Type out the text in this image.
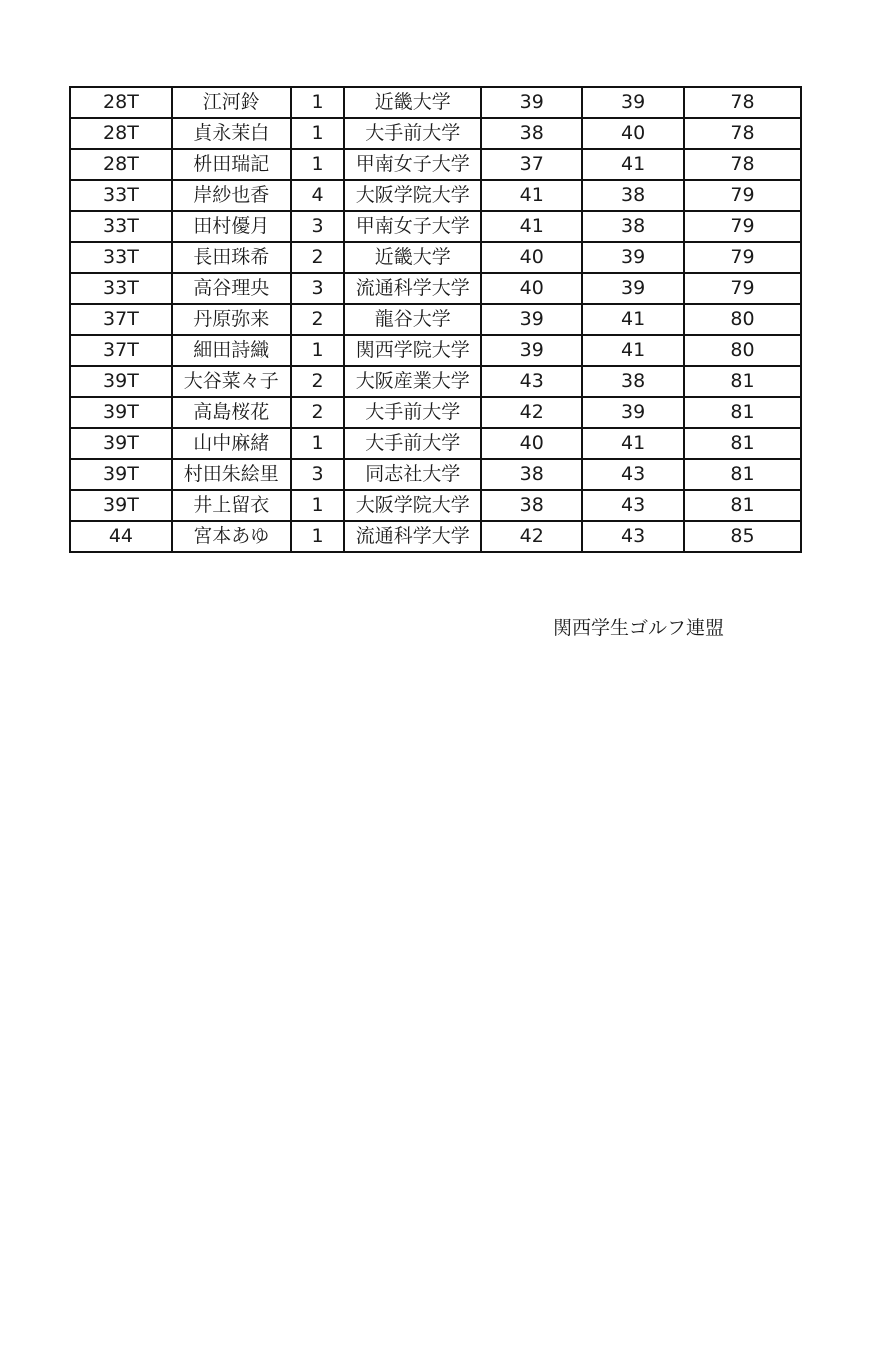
28T	江河鈴	1	近畿大学	39	39	78
28T	貞永茉白	1	大手前大学	38	40	78
28T	枡田瑞記	1	甲南女子大学	37	41	78
33T	岸紗也香	4	大阪学院大学	41	38	79
33T	田村優月	3	甲南女子大学	41	38	79
33T	長田珠希	2	近畿大学	40	39	79
33T	高谷理央	3	流通科学大学	40	39	79
37T	丹原弥来	2	龍谷大学	39	41	80
37T	細田詩織	1	関西学院大学	39	41	80
39T	大谷菜々子	2	大阪産業大学	43	38	81
39T	高島桜花	2	大手前大学	42	39	81
39T	山中麻緒	1	大手前大学	40	41	81
39T	村田朱絵里	3	同志社大学	38	43	81
39T	井上留衣	1	大阪学院大学	38	43	81
44	宮本あゆ	1	流通科学大学	42	43	85
関西学生ゴルフ連盟
